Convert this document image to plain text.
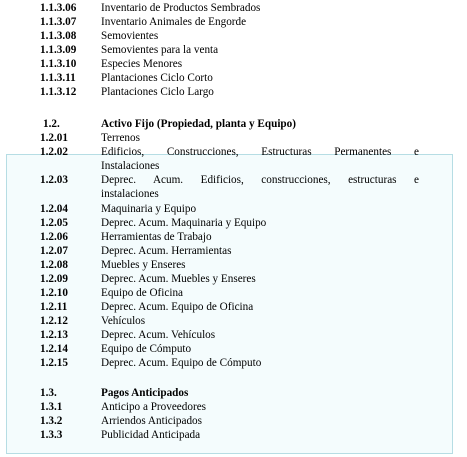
1.1.3.06 Inventario de Productos Sembrados
1.1.3.07 Inventario Animales de Engorde
1.1.3.08 Semovientes
1.1.3.09 Semovientes para la venta
1.1.3.10 Especies Menores
1.1.3.11 Plantaciones Ciclo Corto
1.1.3.12 Plantaciones Ciclo Largo
1.2.	Activo Fijo (Propiedad, planta y Equipo)
1.2.01	Terrenos
1.2.02	Edificios, Construcciones, Estructuras Permanentes e
Instalaciones
1.2.03	Deprec. Acum. Edificios, construcciones, estructuras e
instalaciones
1.2.04	Maquinaria y Equipo
1.2.05	Deprec. Acum. Maquinaria y Equipo
1.2.06	Herramientas de Trabajo
1.2.07	Deprec. Acum. Herramientas
1.2.08	Muebles y Enseres
1.2.09	Deprec. Acum. Muebles y Enseres
1.2.10	Equipo de Oficina
1.2.11	Deprec. Acum. Equipo de Oficina
1.2.12	Vehículos
1.2.13	Deprec. Acum. Vehículos
1.2.14	Equipo de Cómputo
1.2.15	Deprec. Acum. Equipo de Cómputo
1.3.	Pagos Anticipados
1.3.1	Anticipo a Proveedores
1.3.2	Arriendos Anticipados
1.3.3	Publicidad Anticipada
